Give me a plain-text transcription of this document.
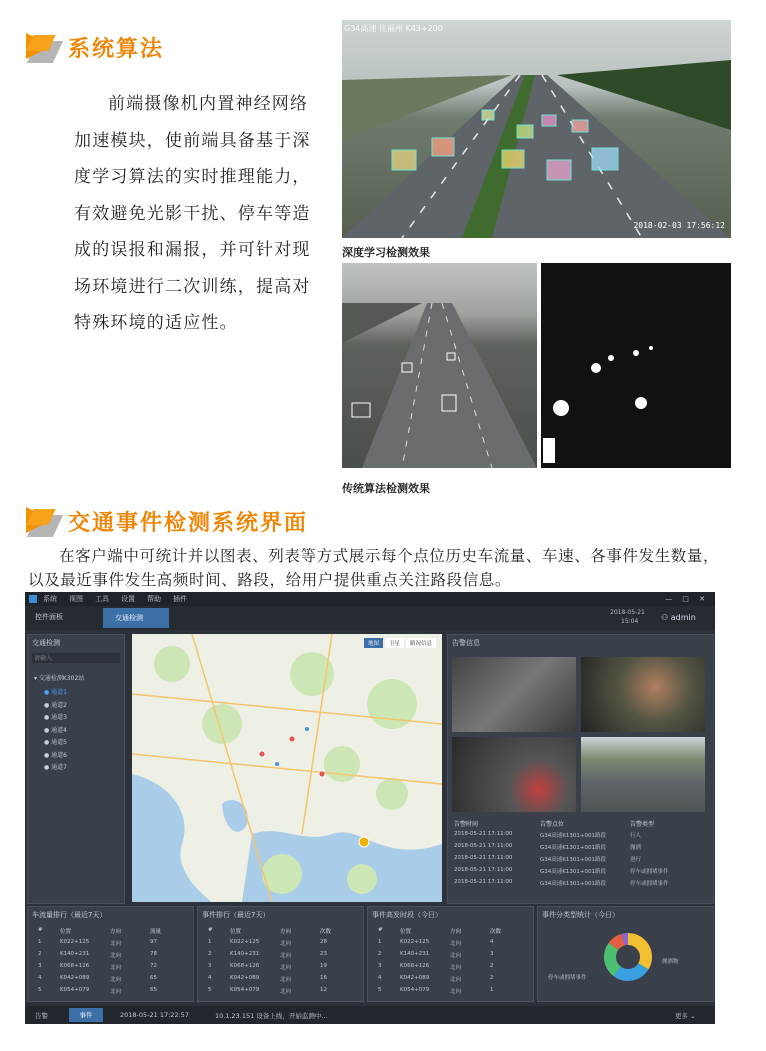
系统算法
前端摄像机内置神经网络加速模块，使前端具备基于深度学习算法的实时推理能力，有效避免光影干扰、停车等造成的误报和漏报，并可针对现场环境进行二次训练，提高对特殊环境的适应性。
G34高速 往福州 K43+200
2018-02-03 17:56:12
深度学习检测效果
传统算法检测效果
交通事件检测系统界面
在客户端中可统计并以图表、列表等方式展示每个点位历史车流量、车速、各事件发生数量，以及最近事件发生高频时间、路段，给用户提供重点关注路段信息。
系统 视图 工具 设置 帮助 插件	— □ ✕
控件面板	交通检测
2018-05-21
15:04	⚇ admin
交通检测
请输入
▾ 交通检测K302站
● 通道1
● 通道2
● 通道3
● 通道4
● 通道5
● 通道6
● 通道7
地图	卫星	路况信息	告警信息
告警时间	告警点位	告警类型
2018-05-21 17:11:00	G34高速K1301+001路段	行人
2018-05-21 17:11:00	G34高速K1301+001路段	抛洒
2018-05-21 17:11:00	G34高速K1301+001路段	逆行
2018-05-21 17:11:00	G34高速K1301+001路段	停车或拥堵事件
2018-05-21 17:11:00	G34高速K1301+001路段	停车或拥堵事件
车流量排行（最近7天）
#	位置	方向	流量
1	K022+125	北向	97
2	K140+231	北向	78
3	K068+126	北向	72
4	K042+089	北向	65
5	K054+079	北向	65
事件排行（最近7天）
#	位置	方向	次数
1	K022+125	北向	28
2	K140+231	北向	23
3	K068+126	北向	19
4	K042+089	北向	16
5	K054+079	北向	12
事件高发时段（今日）
#	位置	方向	次数
1	K022+125	北向	4
2	K140+231	北向	3
3	K068+126	北向	2
4	K042+089	北向	2
5	K054+079	北向	1
事件分类型统计（今日）
抛洒物
停车或拥堵事件
告警	事件	2018-05-21 17:22:57	10.1.23.151 设备上线，开始监测中…	更多 ⌄
